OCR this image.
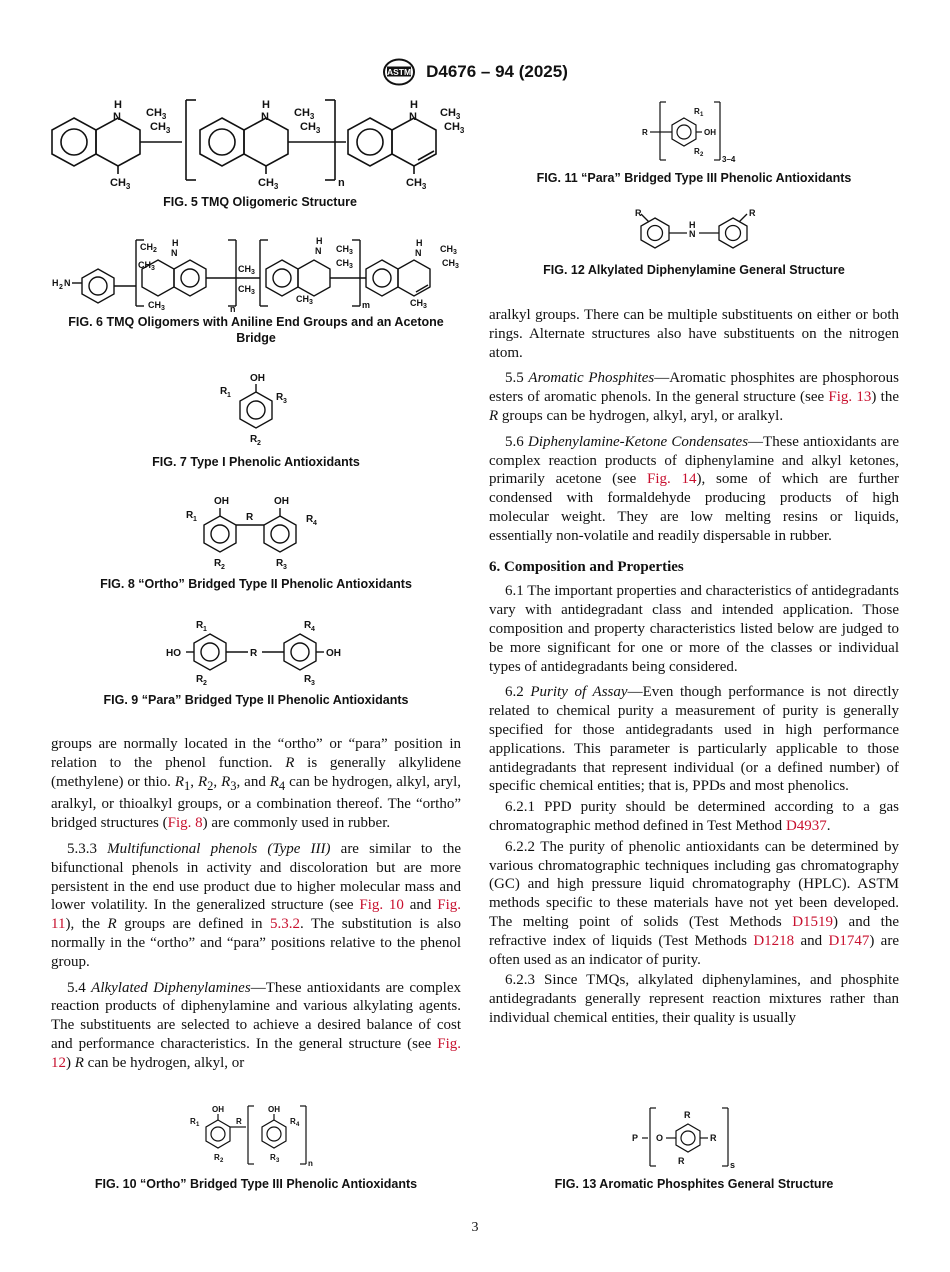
ASTM D4676 – 94 (2025)
H
N $CH_3$
$CH_3$
$CH_3$
H
N $CH_3$
$CH_3$
$CH_3$	n
H
N $CH_3$
$CH_3$
$CH_3$
FIG. 5 TMQ Oligomeric Structure
H 2 N
$CH_2$
H
N
$CH_3$
$CH_3$
$CH_3$
$CH_3$
n
H
N $CH_3$
$CH_3$
$CH_3$	m
H
N $CH_3$
$CH_3$
$CH_3$
FIG. 6 TMQ Oligomers with Aniline End Groups and an Acetone Bridge
OH
R 1	R 3
R 2
FIG. 7 Type I Phenolic Antioxidants
OH	OH
R
R 1	R 4
R 2	R 3
FIG. 8 “Ortho” Bridged Type II Phenolic Antioxidants
HO	R	OH
R 1	R 4
R 2	R 3
FIG. 9 “Para” Bridged Type II Phenolic Antioxidants

groups are normally located in the “ortho” or “para” position in relation to the phenol function. R is generally alkylidene (methylene) or thio. $R_1$, $R_2$, $R_3$, and $R_4$ can be hydrogen, alkyl, aryl, aralkyl, or thioalkyl groups, or a combination thereof. The “ortho” bridged structures (Fig. 8) are commonly used in rubber.

5.3.3 Multifunctional phenols (Type III) are similar to the bifunctional phenols in activity and discoloration but are more persistent in the end use product due to higher molecular mass and lower volatility. In the generalized structure (see Fig. 10 and Fig. 11), the R groups are defined in 5.3.2. The substitution is also normally in the “ortho” and “para” positions relative to the phenol group.

5.4 Alkylated Diphenylamines—These antioxidants are complex reaction products of diphenylamine and various alkylating agents. The substituents are selected to achieve a desired balance of cost and performance characteristics. In the general structure (see Fig. 12) R can be hydrogen, alkyl, or

OH	OH
R 1	R	R 4
R 2	R 3	n
FIG. 10 “Ortho” Bridged Type III Phenolic Antioxidants
R
R 1
OH
R 2 3–4
FIG. 11 “Para” Bridged Type III Phenolic Antioxidants
R	R
H
N
FIG. 12 Alkylated Diphenylamine General Structure

aralkyl groups. There can be multiple substituents on either or both rings. Alternate structures also have substituents on the nitrogen atom.

5.5 Aromatic Phosphites—Aromatic phosphites are phosphorous esters of aromatic phenols. In the general structure (see Fig. 13) the R groups can be hydrogen, alkyl, aryl, or aralkyl.

5.6 Diphenylamine-Ketone Condensates—These antioxidants are complex reaction products of diphenylamine and alkyl ketones, primarily acetone (see Fig. 14), some of which are further condensed with formaldehyde producing products of high molecular weight. They are low melting resins or liquids, essentially non-volatile and readily dispersable in rubber.

6. Composition and Properties

6.1 The important properties and characteristics of antidegradants vary with antidegradant class and intended application. Those composition and property characteristics listed below are judged to be more significant for one or more of the classes or individual types of antidegradants being considered.

6.2 Purity of Assay—Even though performance is not directly related to chemical purity a measurement of purity is generally specified for those antidegradants used in high performance applications. This parameter is particularly applicable to those antidegradants that represent individual (or a defined number) of specific chemical entities; that is, PPDs and most phenolics.

6.2.1 PPD purity should be determined according to a gas chromatographic method defined in Test Method D4937.

6.2.2 The purity of phenolic antioxidants can be determined by various chromatographic techniques including gas chromatography (GC) and high pressure liquid chromatography (HPLC). ASTM methods specific to these materials have not yet been developed. The melting point of solids (Test Methods D1519) and the refractive index of liquids (Test Methods D1218 and D1747) are often used as an indicator of purity.

6.2.3 Since TMQs, alkylated diphenylamines, and phosphite antidegradants generally represent reaction mixtures rather than individual chemical entities, their quality is usually

P O
R
R
R	s
FIG. 13 Aromatic Phosphites General Structure
3
